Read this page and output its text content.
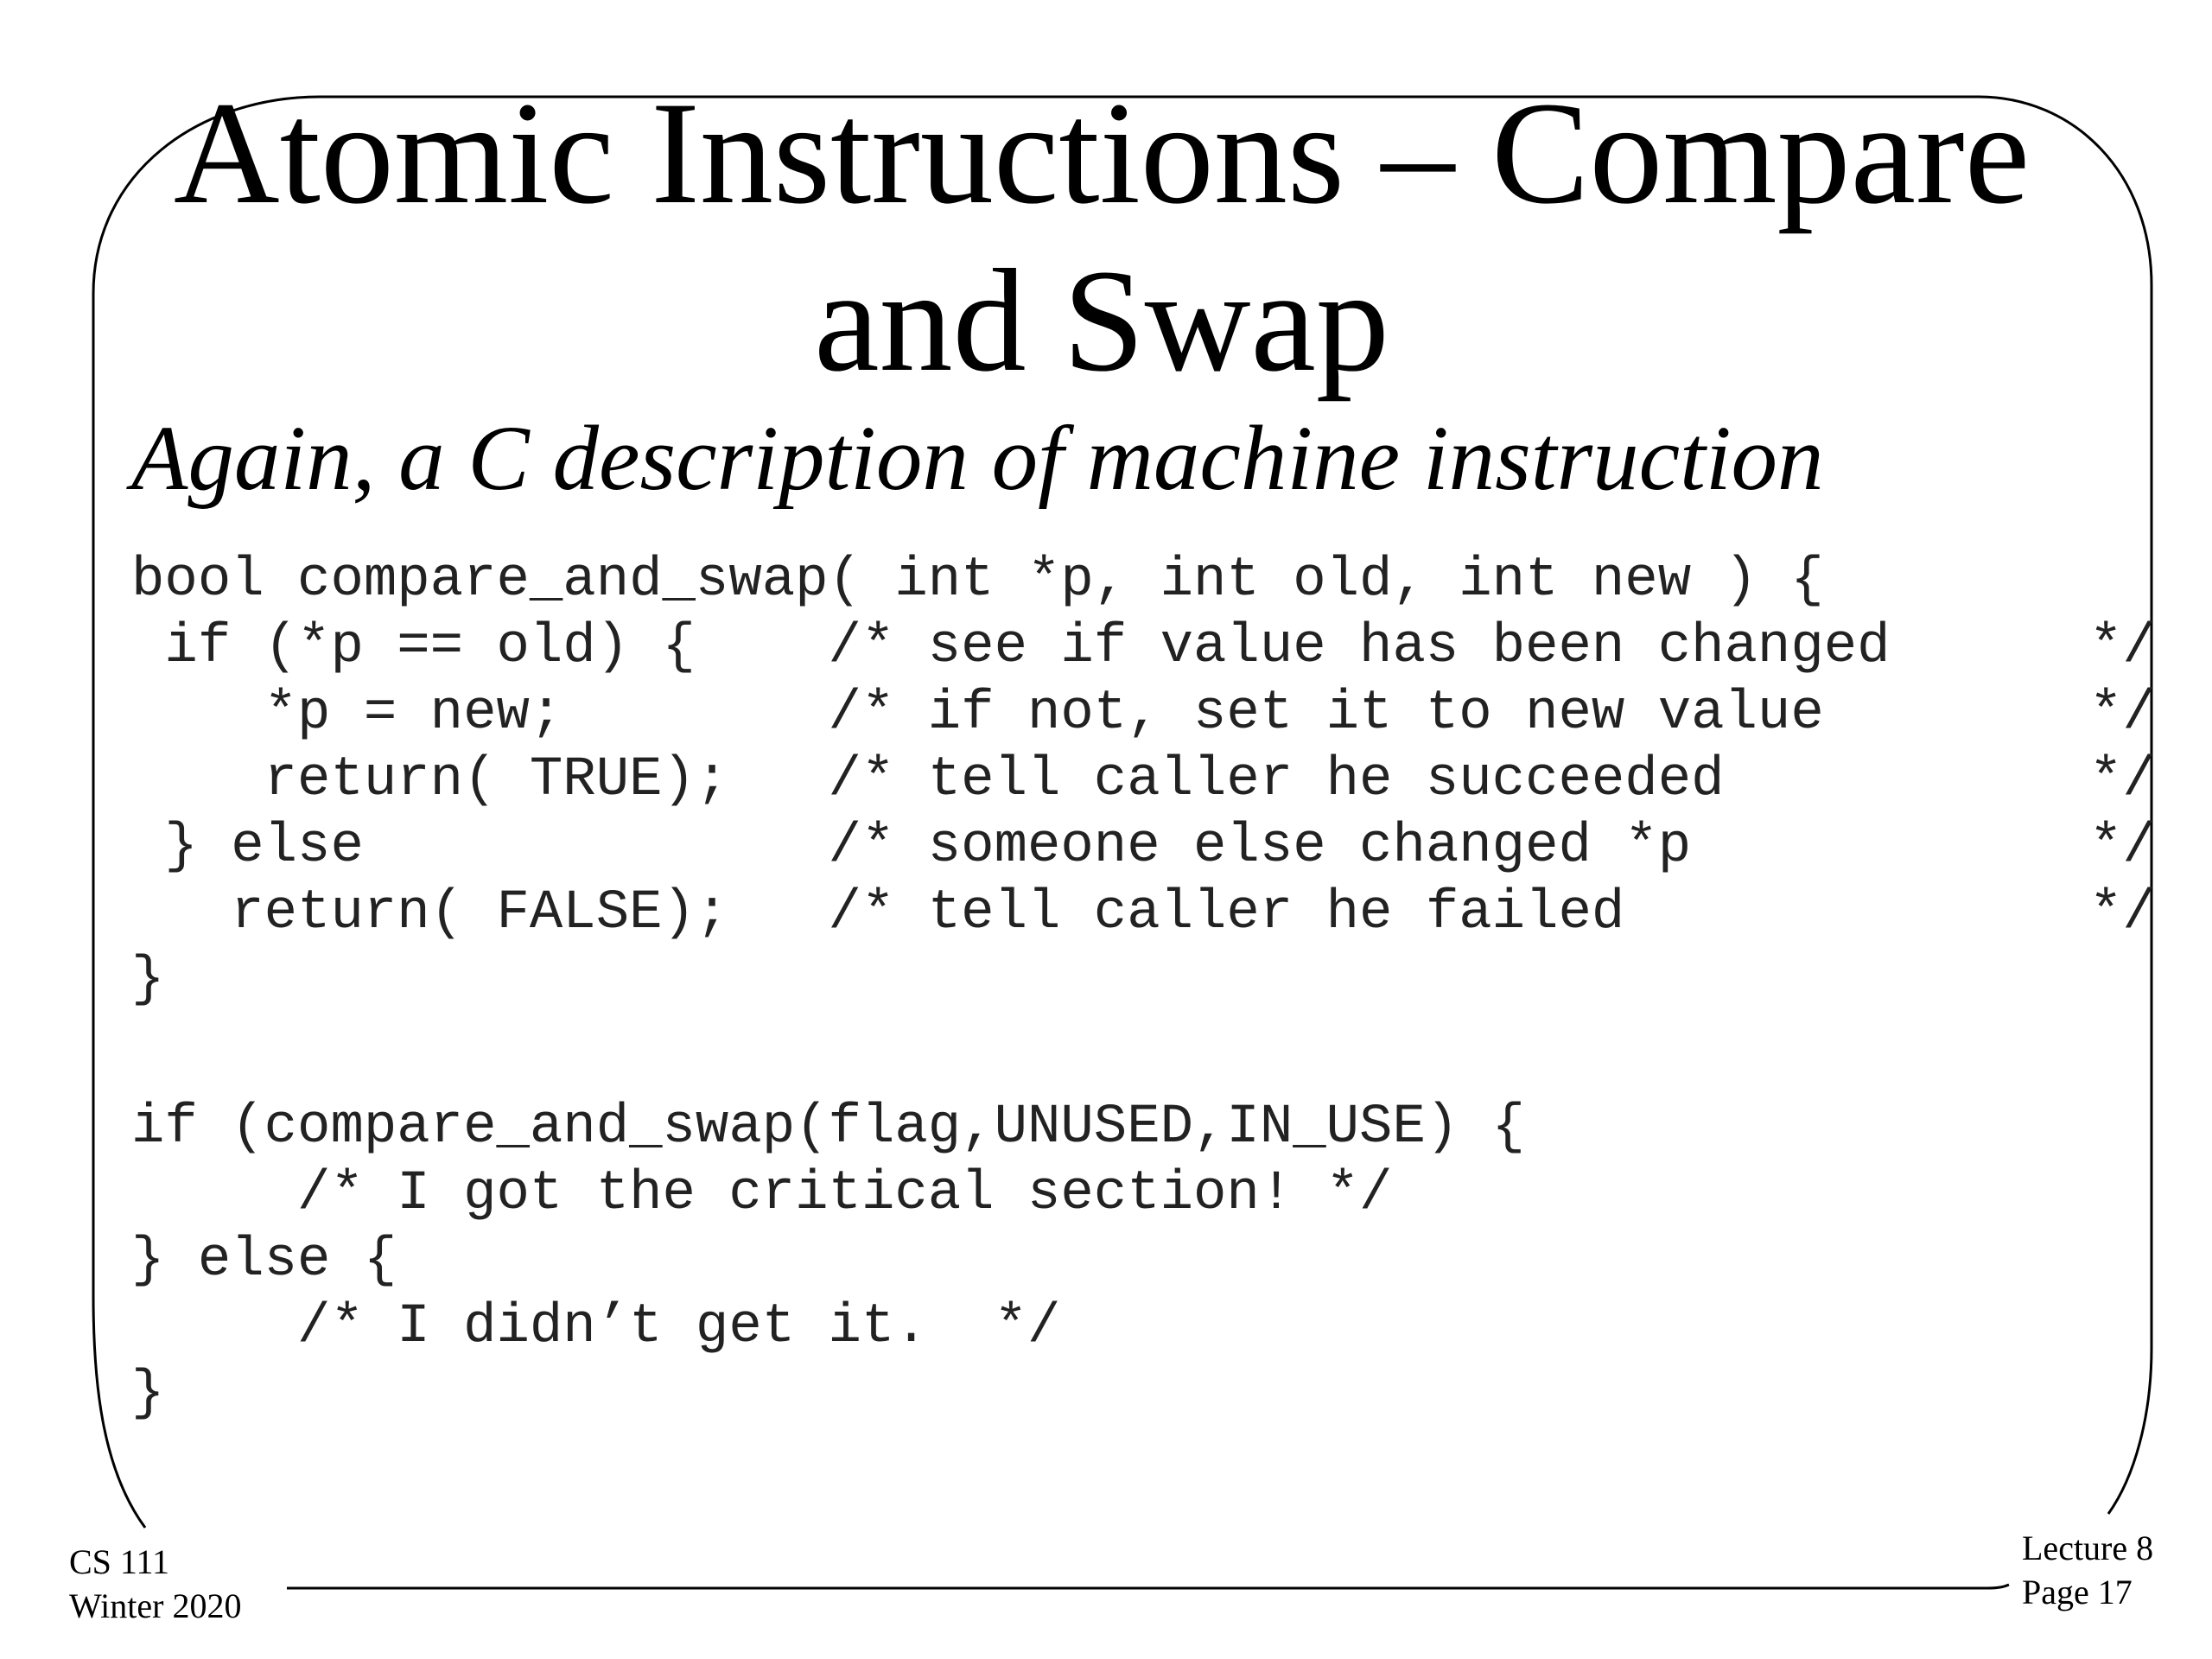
Atomic Instructions – Compare
and Swap
Again, a C description of machine instruction
bool compare_and_swap( int *p, int old, int new ) {
if (*p == old) {    /* see if value has been changed      */
*p = new;        /* if not, set it to new value        */
return( TRUE);   /* tell caller he succeeded           */
} else              /* someone else changed *p            */
return( FALSE);   /* tell caller he failed              */
}
if (compare_and_swap(flag,UNUSED,IN_USE) {
/* I got the critical section! */
} else {
/* I didn’t get it.  */
}
CS 111
Winter 2020
Lecture 8
Page 17
